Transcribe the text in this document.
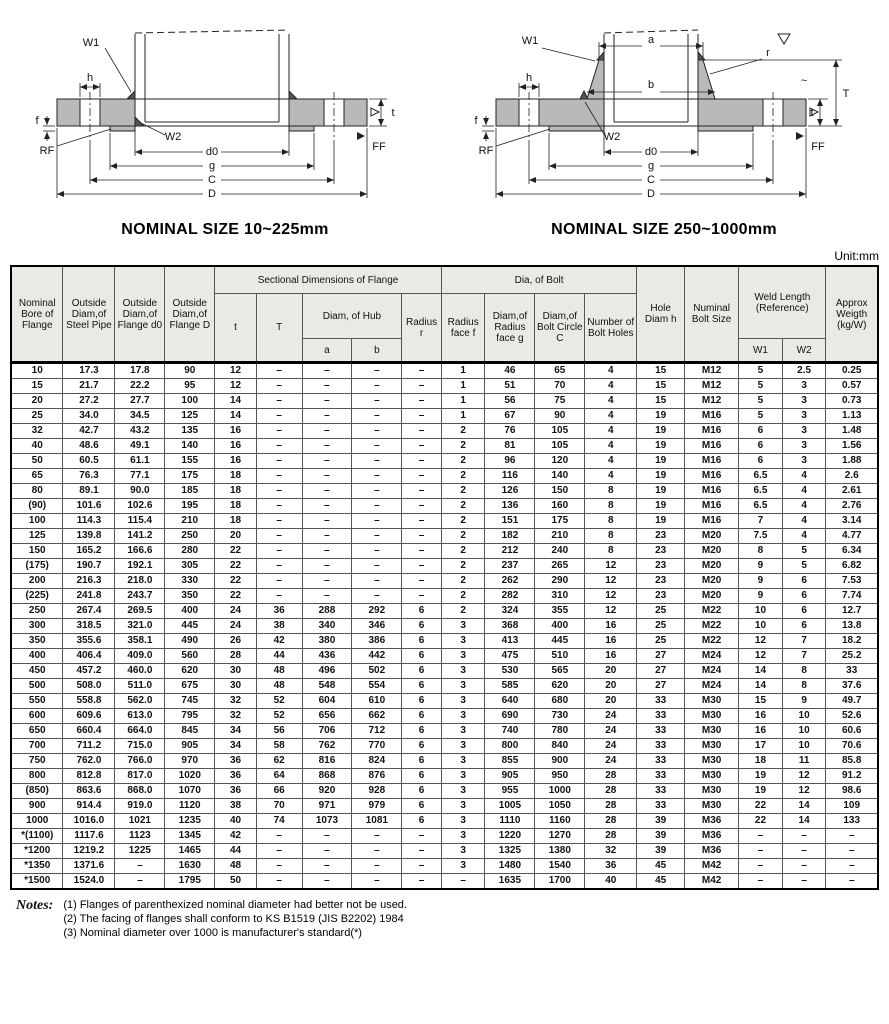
W1
h
f
RF
W2
d0
g
C
D
t
FF
NOMINAL SIZE 10~225mm
W1	a
b
r
~
h
f
RF
W2
d0
g
C
D
t
T
FF
NOMINAL SIZE 250~1000mm
Unit:mm
Nominal Bore of Flange	Outside Diam,of Steel Pipe	Outside Diam,of Flange d0	Outside Diam,of Flange D	Sectional Dimensions of Flange					Dia, of Bolt				Hole Diam h	Numinal Bolt Size	Weld Length (Reference)		Approx Weigth (kg/W)
				t	T	Diam, of Hub		Radius r	Radius face f	Diam,of Radius face g	Diam,of Bolt Circle C	Number of Bolt Holes					
						a	b								W1	W2	
10	17.3	17.8	90	12	–	–	–	–	1	46	65	4	15	M12	5	2.5	0.25
15	21.7	22.2	95	12	–	–	–	–	1	51	70	4	15	M12	5	3	0.57
20	27.2	27.7	100	14	–	–	–	–	1	56	75	4	15	M12	5	3	0.73
25	34.0	34.5	125	14	–	–	–	–	1	67	90	4	19	M16	5	3	1.13
32	42.7	43.2	135	16	–	–	–	–	2	76	105	4	19	M16	6	3	1.48
40	48.6	49.1	140	16	–	–	–	–	2	81	105	4	19	M16	6	3	1.56
50	60.5	61.1	155	16	–	–	–	–	2	96	120	4	19	M16	6	3	1.88
65	76.3	77.1	175	18	–	–	–	–	2	116	140	4	19	M16	6.5	4	2.6
80	89.1	90.0	185	18	–	–	–	–	2	126	150	8	19	M16	6.5	4	2.61
(90)	101.6	102.6	195	18	–	–	–	–	2	136	160	8	19	M16	6.5	4	2.76
100	114.3	115.4	210	18	–	–	–	–	2	151	175	8	19	M16	7	4	3.14
125	139.8	141.2	250	20	–	–	–	–	2	182	210	8	23	M20	7.5	4	4.77
150	165.2	166.6	280	22	–	–	–	–	2	212	240	8	23	M20	8	5	6.34
(175)	190.7	192.1	305	22	–	–	–	–	2	237	265	12	23	M20	9	5	6.82
200	216.3	218.0	330	22	–	–	–	–	2	262	290	12	23	M20	9	6	7.53
(225)	241.8	243.7	350	22	–	–	–	–	2	282	310	12	23	M20	9	6	7.74
250	267.4	269.5	400	24	36	288	292	6	2	324	355	12	25	M22	10	6	12.7
300	318.5	321.0	445	24	38	340	346	6	3	368	400	16	25	M22	10	6	13.8
350	355.6	358.1	490	26	42	380	386	6	3	413	445	16	25	M22	12	7	18.2
400	406.4	409.0	560	28	44	436	442	6	3	475	510	16	27	M24	12	7	25.2
450	457.2	460.0	620	30	48	496	502	6	3	530	565	20	27	M24	14	8	33
500	508.0	511.0	675	30	48	548	554	6	3	585	620	20	27	M24	14	8	37.6
550	558.8	562.0	745	32	52	604	610	6	3	640	680	20	33	M30	15	9	49.7
600	609.6	613.0	795	32	52	656	662	6	3	690	730	24	33	M30	16	10	52.6
650	660.4	664.0	845	34	56	706	712	6	3	740	780	24	33	M30	16	10	60.6
700	711.2	715.0	905	34	58	762	770	6	3	800	840	24	33	M30	17	10	70.6
750	762.0	766.0	970	36	62	816	824	6	3	855	900	24	33	M30	18	11	85.8
800	812.8	817.0	1020	36	64	868	876	6	3	905	950	28	33	M30	19	12	91.2
(850)	863.6	868.0	1070	36	66	920	928	6	3	955	1000	28	33	M30	19	12	98.6
900	914.4	919.0	1120	38	70	971	979	6	3	1005	1050	28	33	M30	22	14	109
1000	1016.0	1021	1235	40	74	1073	1081	6	3	1110	1160	28	39	M36	22	14	133
*(1100)	1117.6	1123	1345	42	–	–	–	–	3	1220	1270	28	39	M36	–	–	–
*1200	1219.2	1225	1465	44	–	–	–	–	3	1325	1380	32	39	M36	–	–	–
*1350	1371.6	–	1630	48	–	–	–	–	3	1480	1540	36	45	M42	–	–	–
*1500	1524.0	–	1795	50	–	–	–	–	–	1635	1700	40	45	M42	–	–	–
Notes: (1) Flanges of parenthexized nominal diameter had better not be used.
(2) The facing of flanges shall conform to KS B1519 (JIS B2202) 1984
(3) Nominal diameter over 1000 is manufacturer's standard(*)
